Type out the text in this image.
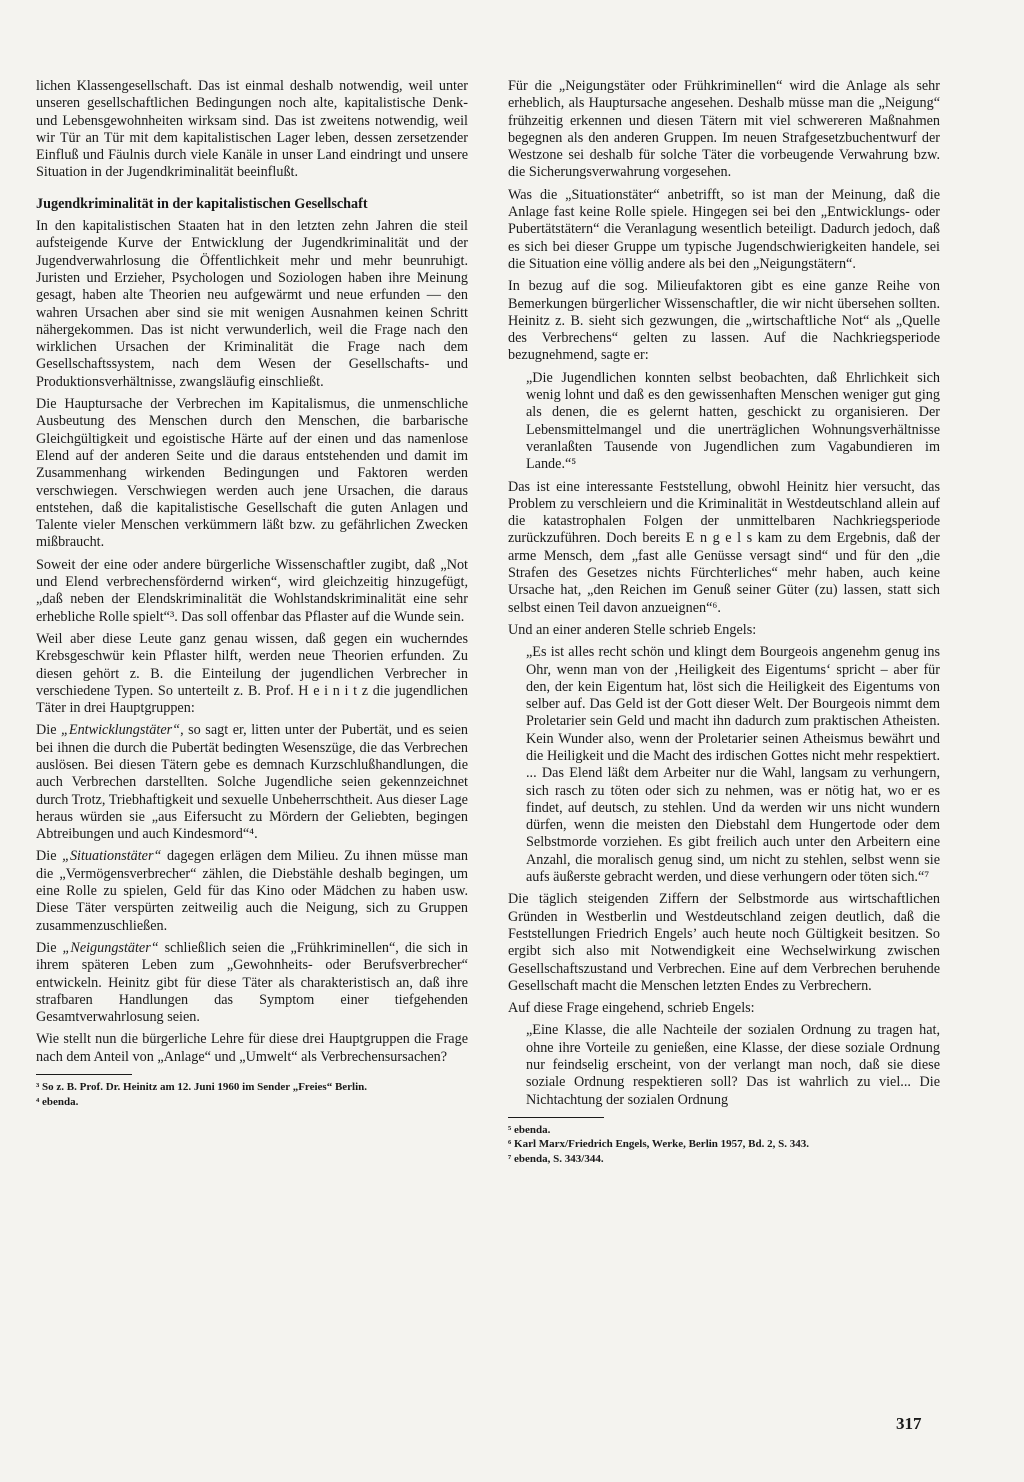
lichen Klassengesellschaft. Das ist einmal deshalb notwendig, weil unter unseren gesellschaftlichen Bedingungen noch alte, kapitalistische Denk- und Lebensgewohnheiten wirksam sind. Das ist zweitens notwendig, weil wir Tür an Tür mit dem kapitalistischen Lager leben, dessen zersetzender Einfluß und Fäulnis durch viele Kanäle in unser Land eindringt und unsere Situation in der Jugendkriminalität beeinflußt.

Jugendkriminalität in der kapitalistischen Gesellschaft

In den kapitalistischen Staaten hat in den letzten zehn Jahren die steil aufsteigende Kurve der Entwicklung der Jugendkriminalität und der Jugendverwahrlosung die Öffentlichkeit mehr und mehr beunruhigt. Juristen und Erzieher, Psychologen und Soziologen haben ihre Meinung gesagt, haben alte Theorien neu aufgewärmt und neue erfunden — den wahren Ursachen aber sind sie mit wenigen Ausnahmen keinen Schritt nähergekommen. Das ist nicht verwunderlich, weil die Frage nach den wirklichen Ursachen der Kriminalität die Frage nach dem Gesellschaftssystem, nach dem Wesen der Gesellschafts- und Produktionsverhältnisse, zwangsläufig einschließt.

Die Hauptursache der Verbrechen im Kapitalismus, die unmenschliche Ausbeutung des Menschen durch den Menschen, die barbarische Gleichgültigkeit und egoistische Härte auf der einen und das namenlose Elend auf der anderen Seite und die daraus entstehenden und damit im Zusammenhang wirkenden Bedingungen und Faktoren werden verschwiegen. Verschwiegen werden auch jene Ursachen, die daraus entstehen, daß die kapitalistische Gesellschaft die guten Anlagen und Talente vieler Menschen verkümmern läßt bzw. zu gefährlichen Zwecken mißbraucht.

Soweit der eine oder andere bürgerliche Wissenschaftler zugibt, daß „Not und Elend verbrechensfördernd wirken“, wird gleichzeitig hinzugefügt, „daß neben der Elendskriminalität die Wohlstandskriminalität eine sehr erhebliche Rolle spielt“³. Das soll offenbar das Pflaster auf die Wunde sein.

Weil aber diese Leute ganz genau wissen, daß gegen ein wucherndes Krebsgeschwür kein Pflaster hilft, werden neue Theorien erfunden. Zu diesen gehört z. B. die Einteilung der jugendlichen Verbrecher in verschiedene Typen. So unterteilt z. B. Prof. H e i n i t z die jugendlichen Täter in drei Hauptgruppen:

Die „Entwicklungstäter“, so sagt er, litten unter der Pubertät, und es seien bei ihnen die durch die Pubertät bedingten Wesenszüge, die das Verbrechen auslösen. Bei diesen Tätern gebe es demnach Kurzschlußhandlungen, die auch Verbrechen darstellten. Solche Jugendliche seien gekennzeichnet durch Trotz, Triebhaftigkeit und sexuelle Unbeherrschtheit. Aus dieser Lage heraus würden sie „aus Eifersucht zu Mördern der Geliebten, begingen Abtreibungen und auch Kindesmord“⁴.

Die „Situationstäter“ dagegen erlägen dem Milieu. Zu ihnen müsse man die „Vermögensverbrecher“ zählen, die Diebstähle deshalb begingen, um eine Rolle zu spielen, Geld für das Kino oder Mädchen zu haben usw. Diese Täter verspürten zeitweilig auch die Neigung, sich zu Gruppen zusammenzuschließen.

Die „Neigungstäter“ schließlich seien die „Frühkriminellen“, die sich in ihrem späteren Leben zum „Gewohnheits- oder Berufsverbrecher“ entwickeln. Heinitz gibt für diese Täter als charakteristisch an, daß ihre strafbaren Handlungen das Symptom einer tiefgehenden Gesamtverwahrlosung seien.

Wie stellt nun die bürgerliche Lehre für diese drei Hauptgruppen die Frage nach dem Anteil von „Anlage“ und „Umwelt“ als Verbrechensursachen?

³ So z. B. Prof. Dr. Heinitz am 12. Juni 1960 im Sender „Freies“ Berlin.
⁴ ebenda.

Für die „Neigungstäter oder Frühkriminellen“ wird die Anlage als sehr erheblich, als Hauptursache angesehen. Deshalb müsse man die „Neigung“ frühzeitig erkennen und diesen Tätern mit viel schwereren Maßnahmen begegnen als den anderen Gruppen. Im neuen Strafgesetzbuchentwurf der Westzone sei deshalb für solche Täter die vorbeugende Verwahrung bzw. die Sicherungsverwahrung vorgesehen.

Was die „Situationstäter“ anbetrifft, so ist man der Meinung, daß die Anlage fast keine Rolle spiele. Hingegen sei bei den „Entwicklungs- oder Pubertätstätern“ die Veranlagung wesentlich beteiligt. Dadurch jedoch, daß es sich bei dieser Gruppe um typische Jugendschwierigkeiten handele, sei die Situation eine völlig andere als bei den „Neigungstätern“.

In bezug auf die sog. Milieufaktoren gibt es eine ganze Reihe von Bemerkungen bürgerlicher Wissenschaftler, die wir nicht übersehen sollten. Heinitz z. B. sieht sich gezwungen, die „wirtschaftliche Not“ als „Quelle des Verbrechens“ gelten zu lassen. Auf die Nachkriegsperiode bezugnehmend, sagte er:

„Die Jugendlichen konnten selbst beobachten, daß Ehrlichkeit sich wenig lohnt und daß es den gewissenhaften Menschen weniger gut ging als denen, die es gelernt hatten, geschickt zu organisieren. Der Lebensmittelmangel und die unerträglichen Wohnungsverhältnisse veranlaßten Tausende von Jugendlichen zum Vagabundieren im Lande.“⁵

Das ist eine interessante Feststellung, obwohl Heinitz hier versucht, das Problem zu verschleiern und die Kriminalität in Westdeutschland allein auf die katastrophalen Folgen der unmittelbaren Nachkriegsperiode zurückzuführen. Doch bereits E n g e l s kam zu dem Ergebnis, daß der arme Mensch, dem „fast alle Genüsse versagt sind“ und für den „die Strafen des Gesetzes nichts Fürchterliches“ mehr haben, auch keine Ursache hat, „den Reichen im Genuß seiner Güter (zu) lassen, statt sich selbst einen Teil davon anzueignen“⁶.

Und an einer anderen Stelle schrieb Engels:

„Es ist alles recht schön und klingt dem Bourgeois angenehm genug ins Ohr, wenn man von der ‚Heiligkeit des Eigentums‘ spricht – aber für den, der kein Eigentum hat, löst sich die Heiligkeit des Eigentums von selber auf. Das Geld ist der Gott dieser Welt. Der Bourgeois nimmt dem Proletarier sein Geld und macht ihn dadurch zum praktischen Atheisten. Kein Wunder also, wenn der Proletarier seinen Atheismus bewährt und die Heiligkeit und die Macht des irdischen Gottes nicht mehr respektiert. ... Das Elend läßt dem Arbeiter nur die Wahl, langsam zu verhungern, sich rasch zu töten oder sich zu nehmen, was er nötig hat, wo er es findet, auf deutsch, zu stehlen. Und da werden wir uns nicht wundern dürfen, wenn die meisten den Diebstahl dem Hungertode oder dem Selbstmorde vorziehen. Es gibt freilich auch unter den Arbeitern eine Anzahl, die moralisch genug sind, um nicht zu stehlen, selbst wenn sie aufs äußerste gebracht werden, und diese verhungern oder töten sich.“⁷

Die täglich steigenden Ziffern der Selbstmorde aus wirtschaftlichen Gründen in Westberlin und Westdeutschland zeigen deutlich, daß die Feststellungen Friedrich Engels’ auch heute noch Gültigkeit besitzen. So ergibt sich also mit Notwendigkeit eine Wechselwirkung zwischen Gesellschaftszustand und Verbrechen. Eine auf dem Verbrechen beruhende Gesellschaft macht die Menschen letzten Endes zu Verbrechern.

Auf diese Frage eingehend, schrieb Engels:

„Eine Klasse, die alle Nachteile der sozialen Ordnung zu tragen hat, ohne ihre Vorteile zu genießen, eine Klasse, der diese soziale Ordnung nur feindselig erscheint, von der verlangt man noch, daß sie diese soziale Ordnung respektieren soll? Das ist wahrlich zu viel... Die Nichtachtung der sozialen Ordnung

⁵ ebenda.
⁶ Karl Marx/Friedrich Engels, Werke, Berlin 1957, Bd. 2, S. 343.
⁷ ebenda, S. 343/344.
317
